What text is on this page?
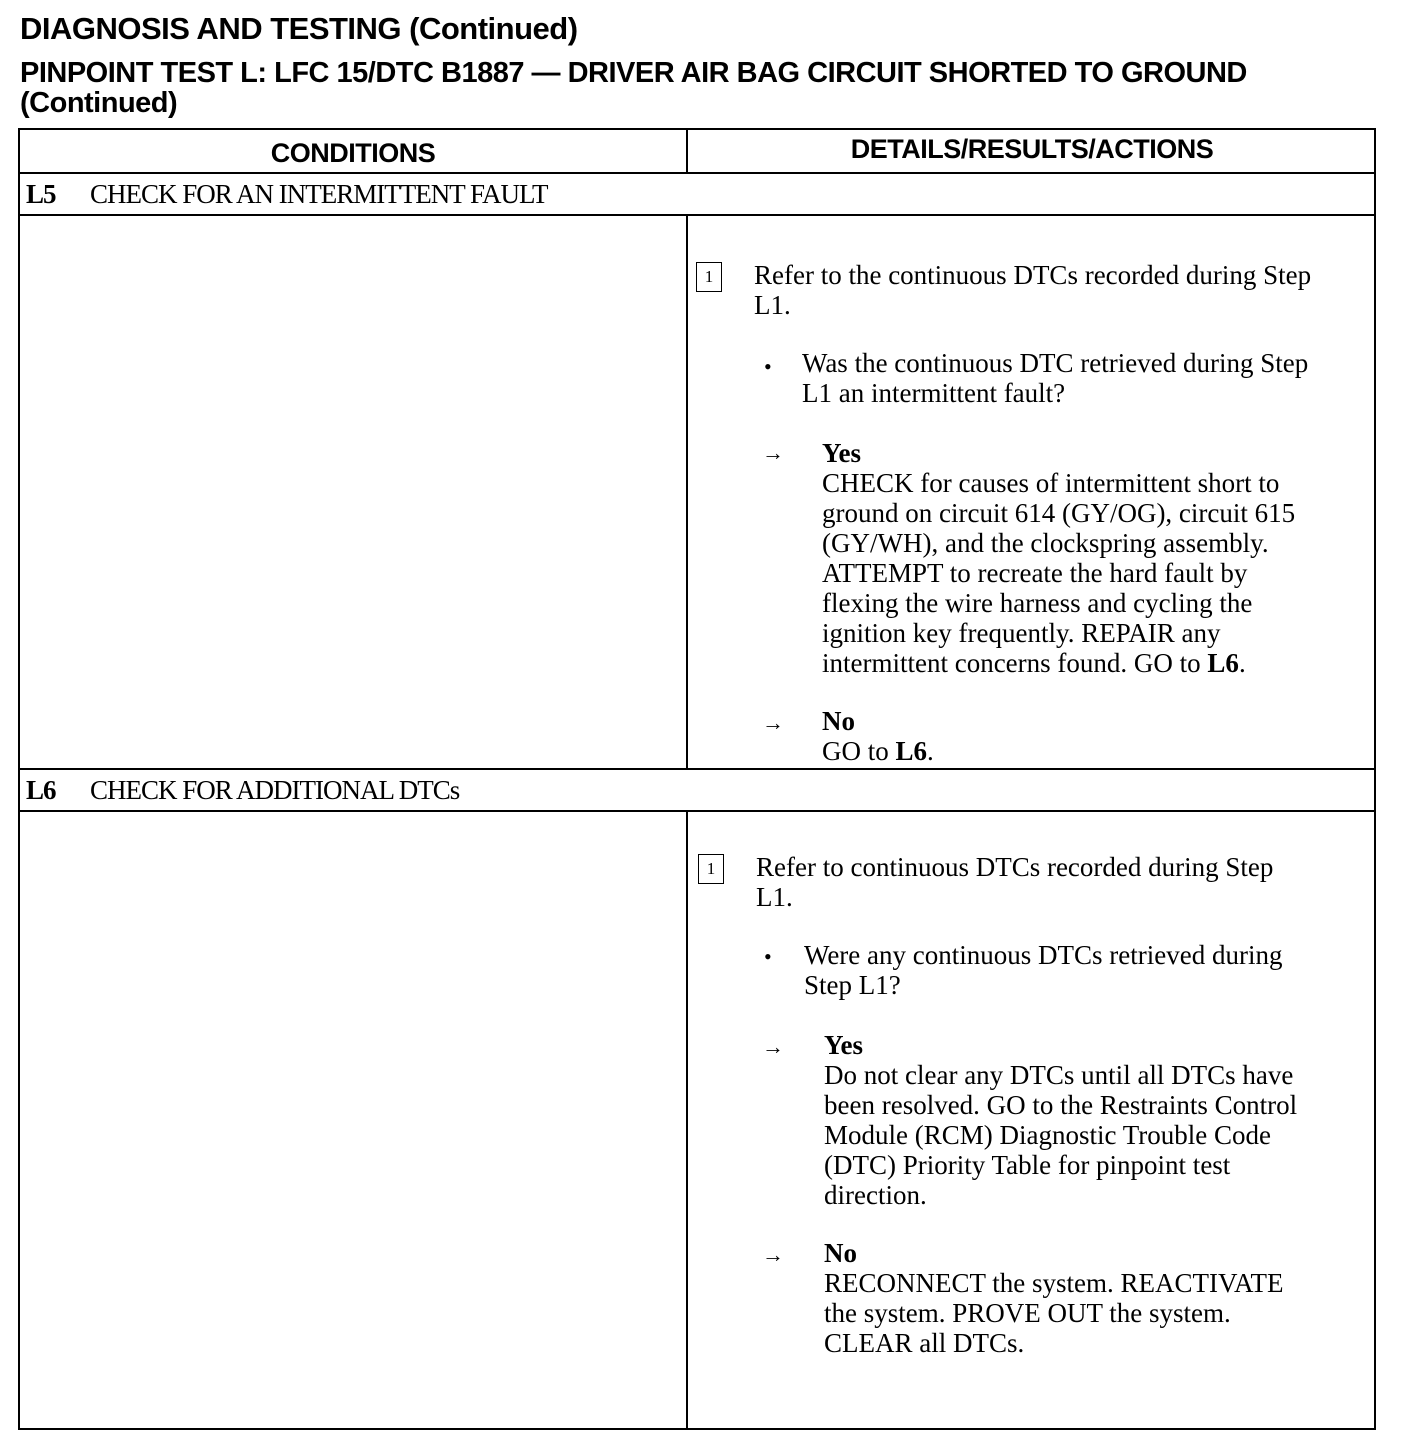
DIAGNOSIS AND TESTING (Continued)
PINPOINT TEST L: LFC 15/DTC B1887 — DRIVER AIR BAG CIRCUIT SHORTED TO GROUND (Continued)
CONDITIONS	DETAILS/RESULTS/ACTIONS
L5 CHECK FOR AN INTERMITTENT FAULT
1	Refer to the continuous DTCs recorded during Step
L1.
• Was the continuous DTC retrieved during Step
L1 an intermittent fault?
→ Yes
CHECK for causes of intermittent short to
ground on circuit 614 (GY/OG), circuit 615
(GY/WH), and the clockspring assembly.
ATTEMPT to recreate the hard fault by
flexing the wire harness and cycling the
ignition key frequently. REPAIR any
intermittent concerns found. GO to L6.
→ No
GO to L6.
L6 CHECK FOR ADDITIONAL DTCs
1	Refer to continuous DTCs recorded during Step
L1.
• Were any continuous DTCs retrieved during
Step L1?
→ Yes
Do not clear any DTCs until all DTCs have
been resolved. GO to the Restraints Control
Module (RCM) Diagnostic Trouble Code
(DTC) Priority Table for pinpoint test
direction.
→ No
RECONNECT the system. REACTIVATE
the system. PROVE OUT the system.
CLEAR all DTCs.
